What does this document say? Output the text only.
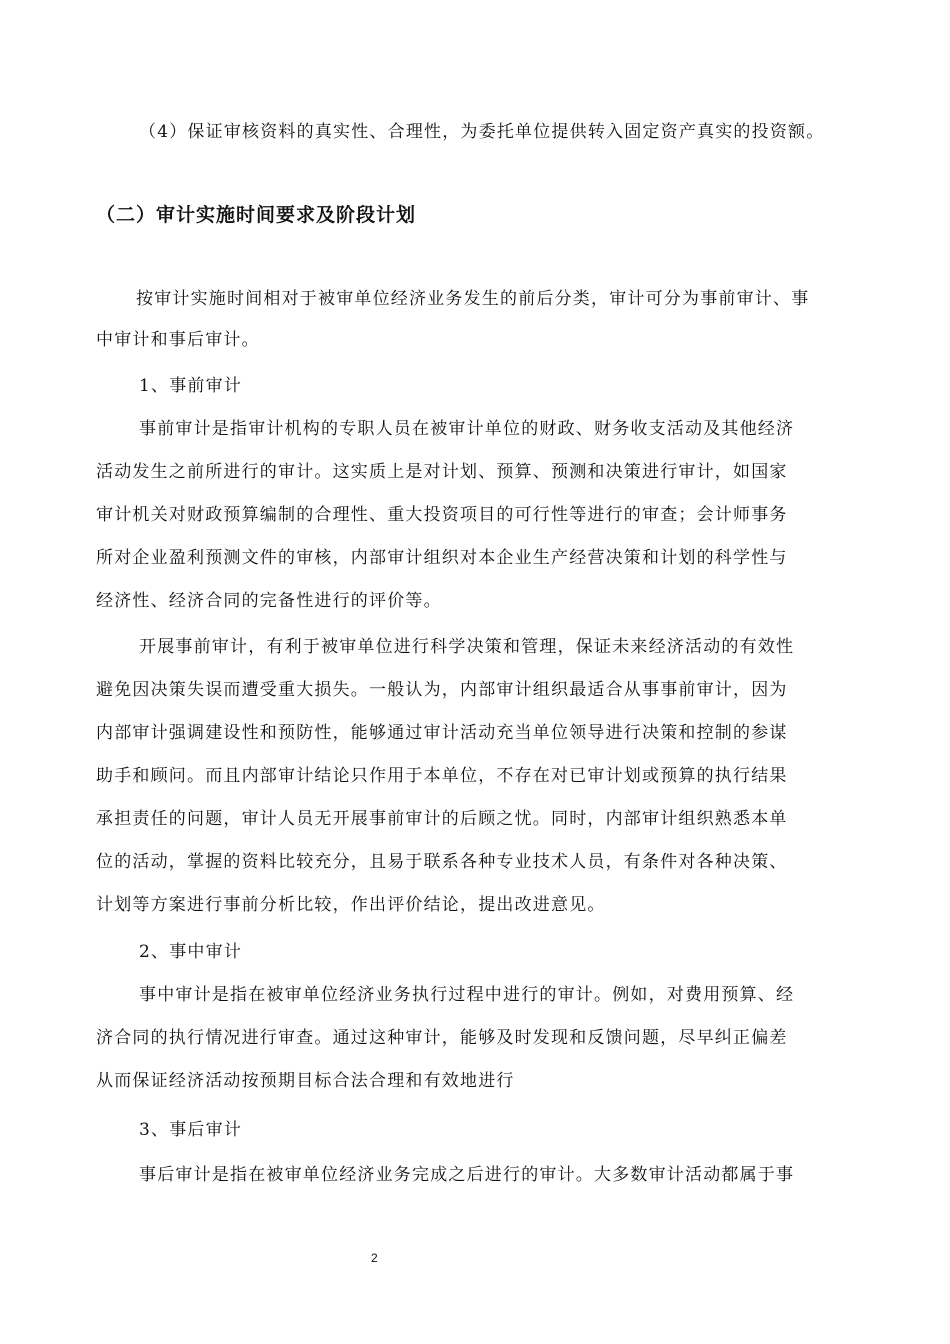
（4）保证审核资料的真实性、合理性，为委托单位提供转入固定资产真实的投资额。
（二）审计实施时间要求及阶段计划
按审计实施时间相对于被审单位经济业务发生的前后分类，审计可分为事前审计、事
中审计和事后审计。
1、事前审计
事前审计是指审计机构的专职人员在被审计单位的财政、财务收支活动及其他经济
活动发生之前所进行的审计。这实质上是对计划、预算、预测和决策进行审计，如国家
审计机关对财政预算编制的合理性、重大投资项目的可行性等进行的审查；会计师事务
所对企业盈利预测文件的审核，内部审计组织对本企业生产经营决策和计划的科学性与
经济性、经济合同的完备性进行的评价等。
开展事前审计，有利于被审单位进行科学决策和管理，保证未来经济活动的有效性
避免因决策失误而遭受重大损失。一般认为，内部审计组织最适合从事事前审计，因为
内部审计强调建设性和预防性，能够通过审计活动充当单位领导进行决策和控制的参谋
助手和顾问。而且内部审计结论只作用于本单位，不存在对已审计划或预算的执行结果
承担责任的问题，审计人员无开展事前审计的后顾之忧。同时，内部审计组织熟悉本单
位的活动，掌握的资料比较充分，且易于联系各种专业技术人员，有条件对各种决策、
计划等方案进行事前分析比较，作出评价结论，提出改进意见。
2、事中审计
事中审计是指在被审单位经济业务执行过程中进行的审计。例如，对费用预算、经
济合同的执行情况进行审查。通过这种审计，能够及时发现和反馈问题，尽早纠正偏差
从而保证经济活动按预期目标合法合理和有效地进行
3、事后审计
事后审计是指在被审单位经济业务完成之后进行的审计。大多数审计活动都属于事
2
